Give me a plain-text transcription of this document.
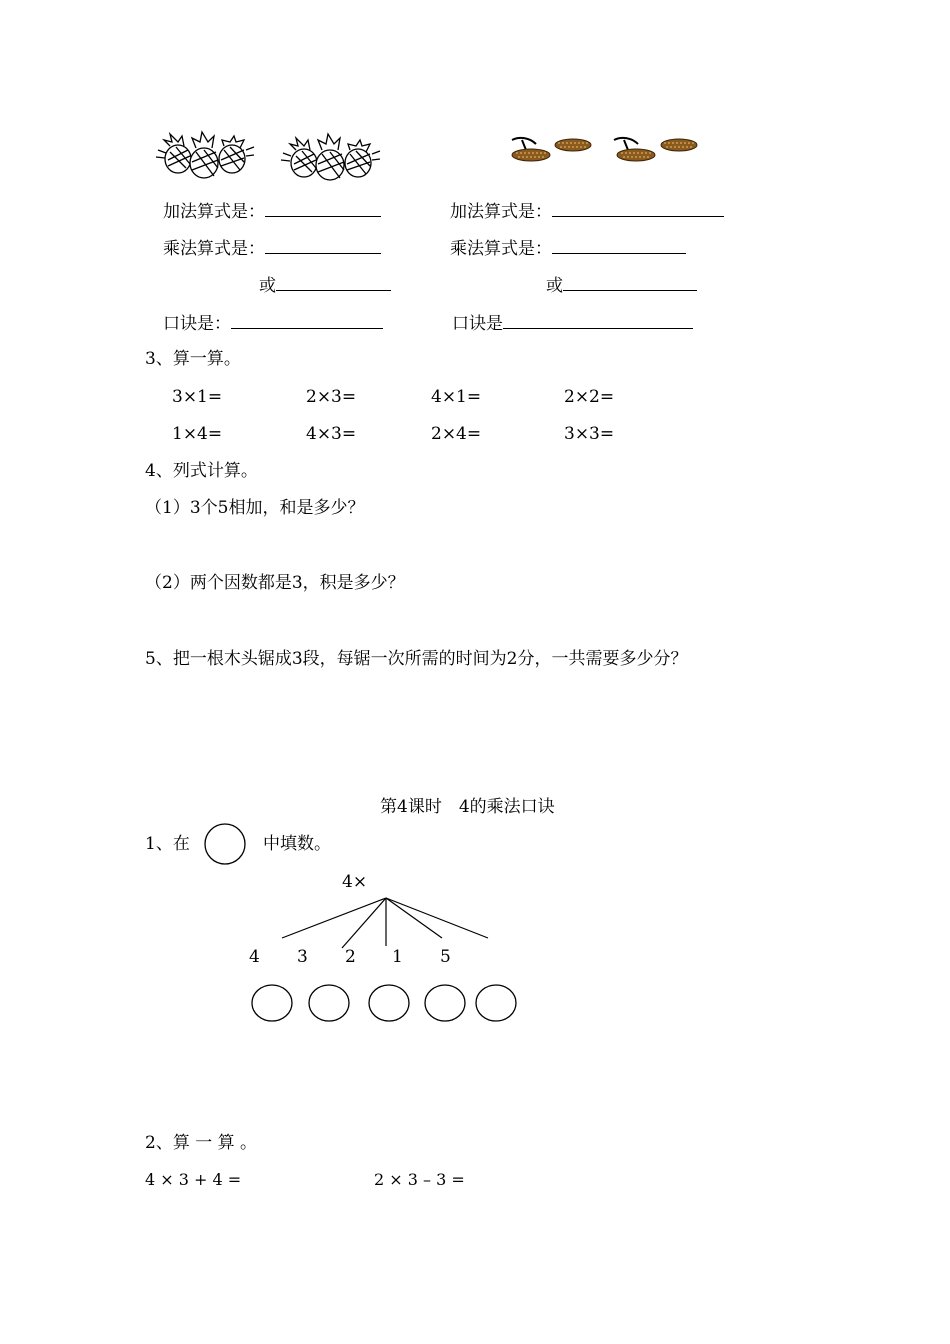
加法算式是：
乘法算式是：
或
口诀是：
加法算式是：
乘法算式是：
或
口诀是
3、算一算。
3×1=	2×3=	4×1=	2×2=
1×4=	4×3=	2×4=	3×3=
4、列式计算。
（1）3个5相加，和是多少？
（2）两个因数都是3，积是多少？
5、把一根木头锯成3段，每锯一次所需的时间为2分，一共需要多少分？
第4课时　4的乘法口诀
1、在	中填数。
4×
4 3 2 1 5
2、算 一 算 。
4 × 3 + 4 =	2 × 3 – 3 =
